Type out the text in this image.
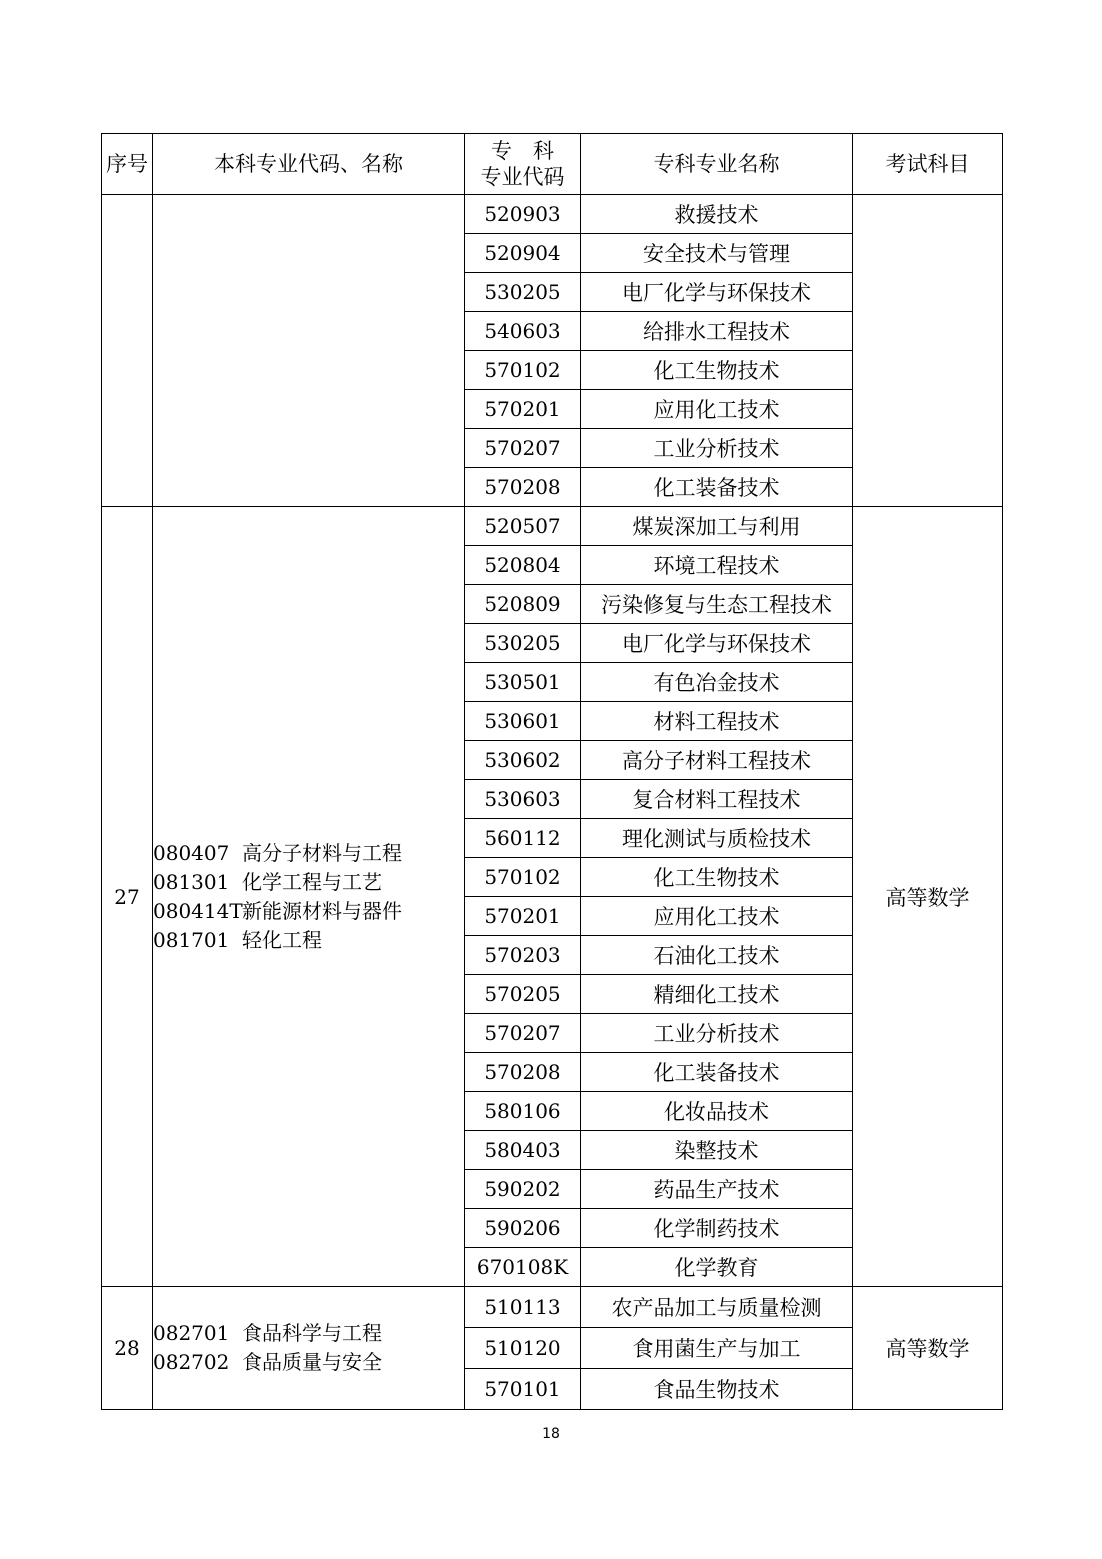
序号	本科专业代码、名称	专　科
专业代码	专科专业名称	考试科目
		520903	救援技术	
		520904	安全技术与管理	
		530205	电厂化学与环保技术	
		540603	给排水工程技术	
		570102	化工生物技术	
		570201	应用化工技术	
		570207	工业分析技术	
		570208	化工装备技术	
27	080407 高分子材料与工程
081301 化学工程与工艺
080414T新能源材料与器件
081701 轻化工程	520507	煤炭深加工与利用	高等数学
		520804	环境工程技术	
		520809	污染修复与生态工程技术	
		530205	电厂化学与环保技术	
		530501	有色冶金技术	
		530601	材料工程技术	
		530602	高分子材料工程技术	
		530603	复合材料工程技术	
		560112	理化测试与质检技术	
		570102	化工生物技术	
		570201	应用化工技术	
		570203	石油化工技术	
		570205	精细化工技术	
		570207	工业分析技术	
		570208	化工装备技术	
		580106	化妆品技术	
		580403	染整技术	
		590202	药品生产技术	
		590206	化学制药技术	
		670108K	化学教育	
28	082701 食品科学与工程
082702 食品质量与安全	510113	农产品加工与质量检测	高等数学
		510120	食用菌生产与加工	
		570101	食品生物技术	
18
